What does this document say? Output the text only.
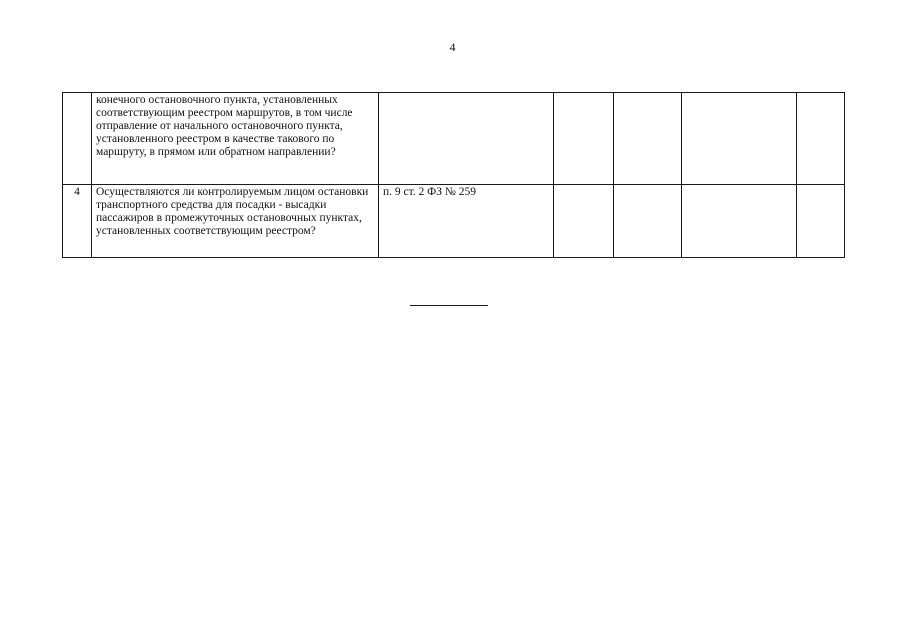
4
	конечного остановочного пункта, установленных соответствующим реестром маршрутов, в том числе отправление от начального остановочного пункта, установленного реестром в качестве такового по маршруту, в прямом или обратном направлении?					
4	Осуществляются ли контролируемым лицом остановки транспортного средства для посадки - высадки пассажиров в промежуточных остановочных пунктах, установленных соответствующим реестром?	п. 9 ст. 2 ФЗ № 259				
